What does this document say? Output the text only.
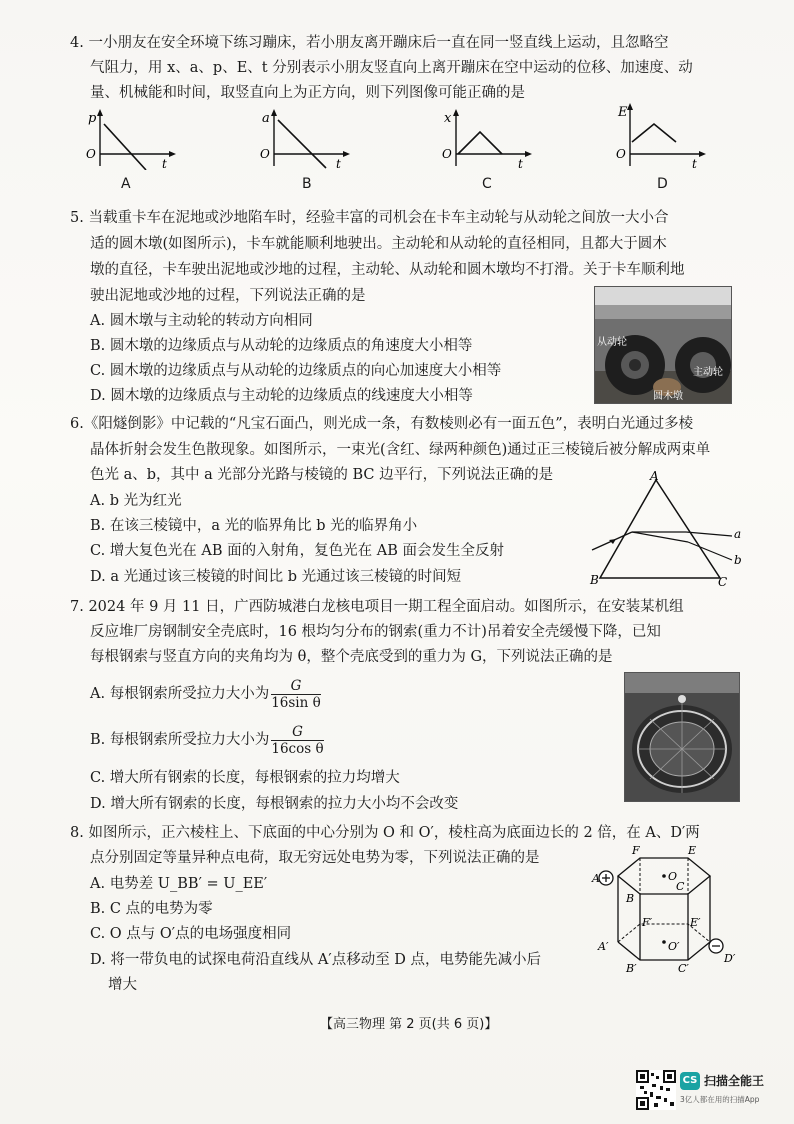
4. 一小朋友在安全环境下练习蹦床，若小朋友离开蹦床后一直在同一竖直线上运动，且忽略空
气阻力，用 x、a、p、E、t 分别表示小朋友竖直向上离开蹦床在空中运动的位移、加速度、动
量、机械能和时间，取竖直向上为正方向，则下列图像可能正确的是
p
O
t
A
a
O
t
B
x
O
t
C
E
O
t
D
5. 当载重卡车在泥地或沙地陷车时，经验丰富的司机会在卡车主动轮与从动轮之间放一大小合
适的圆木墩(如图所示)，卡车就能顺利地驶出。主动轮和从动轮的直径相同，且都大于圆木
墩的直径，卡车驶出泥地或沙地的过程，主动轮、从动轮和圆木墩均不打滑。关于卡车顺利地
驶出泥地或沙地的过程，下列说法正确的是
A. 圆木墩与主动轮的转动方向相同
B. 圆木墩的边缘质点与从动轮的边缘质点的角速度大小相等
C. 圆木墩的边缘质点与从动轮的边缘质点的向心加速度大小相等
D. 圆木墩的边缘质点与主动轮的边缘质点的线速度大小相等
从动轮
主动轮
圆木墩
6.《阳燧倒影》中记载的“凡宝石面凸，则光成一条，有数棱则必有一面五色”，表明白光通过多棱
晶体折射会发生色散现象。如图所示，一束光(含红、绿两种颜色)通过正三棱镜后被分解成两束单
色光 a、b，其中 a 光部分光路与棱镜的 BC 边平行，下列说法正确的是
A. b 光为红光
B. 在该三棱镜中，a 光的临界角比 b 光的临界角小
C. 增大复色光在 AB 面的入射角，复色光在 AB 面会发生全反射
D. a 光通过该三棱镜的时间比 b 光通过该三棱镜的时间短
A
B	C
a
b
7. 2024 年 9 月 11 日，广西防城港白龙核电项目一期工程全面启动。如图所示，在安装某机组
反应堆厂房钢制安全壳底时，16 根均匀分布的钢索(重力不计)吊着安全壳缓慢下降，已知
每根钢索与竖直方向的夹角均为 θ，整个壳底受到的重力为 G，下列说法正确的是
A. 每根钢索所受拉力大小为 $\frac{G}{\text{16sin θ}}$
B. 每根钢索所受拉力大小为 $\frac{G}{\text{16cos θ}}$
C. 增大所有钢索的长度，每根钢索的拉力均增大
D. 增大所有钢索的长度，每根钢索的拉力大小均不会改变
8. 如图所示，正六棱柱上、下底面的中心分别为 O 和 O′，棱柱高为底面边长的 2 倍，在 A、D′两
点分别固定等量异种点电荷，取无穷远处电势为零，下列说法正确的是
A. 电势差 U_BB′ = U_EE′
B. C 点的电势为零
C. O 点与 O′点的电场强度相同
D. 将一带负电的试探电荷沿直线从 A′点移动至 D 点，电势能先减小后
增大
F	E
O
A
B
C
F′	E′
O′
A′
B′	C′
D′
【高三物理 第 2 页(共 6 页)】
CS 扫描全能王
3亿人都在用的扫描App
